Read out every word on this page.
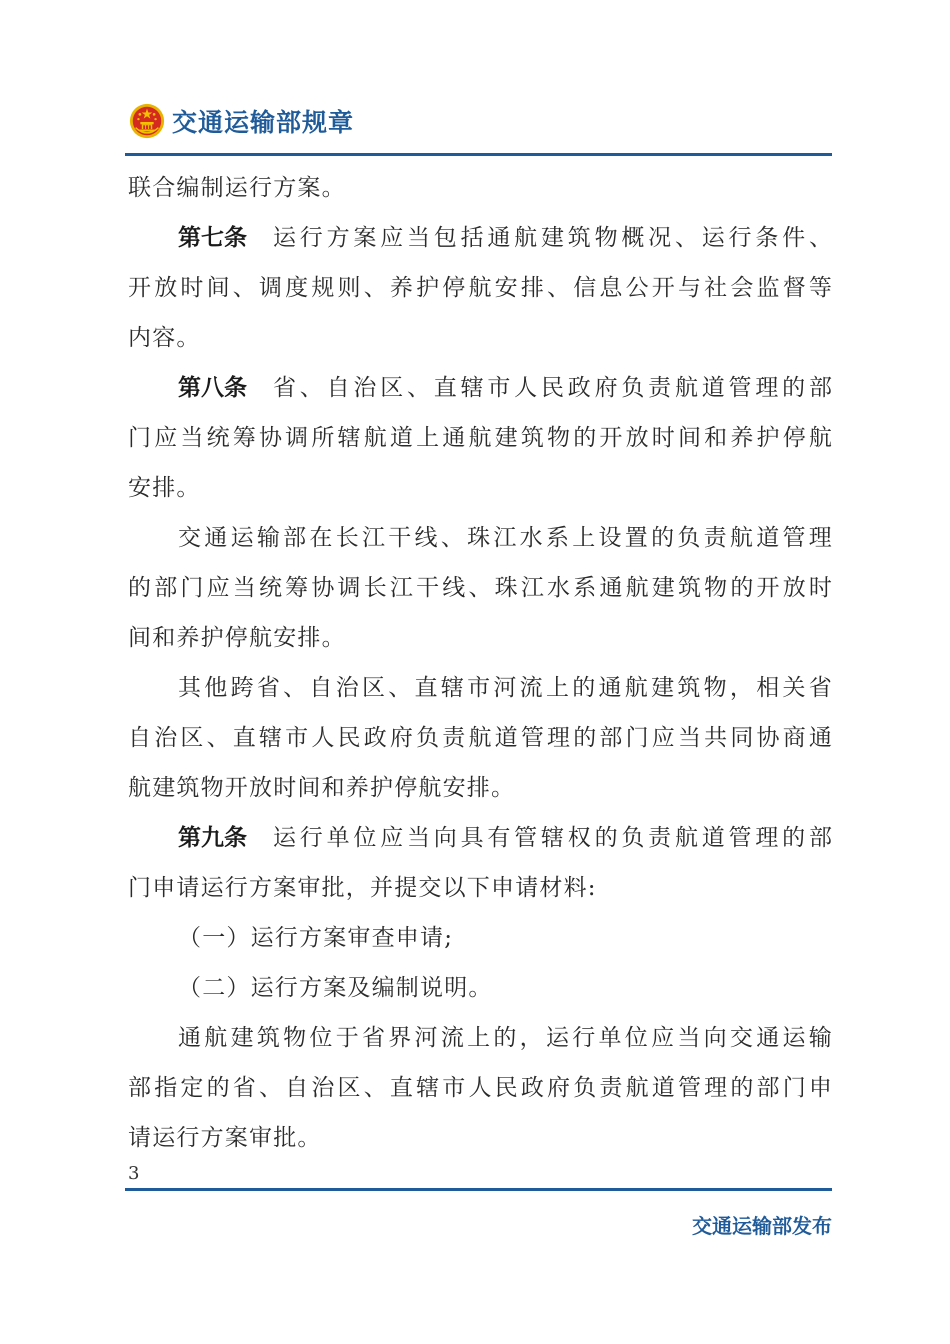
交通运输部规章
联合编制运行方案。
第七条 运 行 方 案 应 当 包 括 通 航 建 筑 物 概 况 、 运 行 条 件 、
开 放 时 间 、 调 度 规 则 、 养 护 停 航 安 排 、 信 息 公 开 与 社 会 监 督 等
内容。
第八条 省 、 自 治 区 、 直 辖 市 人 民 政 府 负 责 航 道 管 理 的 部
门 应 当 统 筹 协 调 所 辖 航 道 上 通 航 建 筑 物 的 开 放 时 间 和 养 护 停 航
安排。
交 通 运 输 部 在 长 江 干 线 、 珠 江 水 系 上 设 置 的 负 责 航 道 管 理
的 部 门 应 当 统 筹 协 调 长 江 干 线 、 珠 江 水 系 通 航 建 筑 物 的 开 放 时
间和养护停航安排。
其 他 跨 省 、 自 治 区 、 直 辖 市 河 流 上 的 通 航 建 筑 物 ， 相 关 省
自 治 区 、 直 辖 市 人 民 政 府 负 责 航 道 管 理 的 部 门 应 当 共 同 协 商 通
航建筑物开放时间和养护停航安排。
第九条 运 行 单 位 应 当 向 具 有 管 辖 权 的 负 责 航 道 管 理 的 部
门申请运行方案审批，并提交以下申请材料:
（一）运行方案审查申请;
（二）运行方案及编制说明。
通 航 建 筑 物 位 于 省 界 河 流 上 的 ， 运 行 单 位 应 当 向 交 通 运 输
部 指 定 的 省 、 自 治 区 、 直 辖 市 人 民 政 府 负 责 航 道 管 理 的 部 门 申
请运行方案审批。
3
交通运输部发布
